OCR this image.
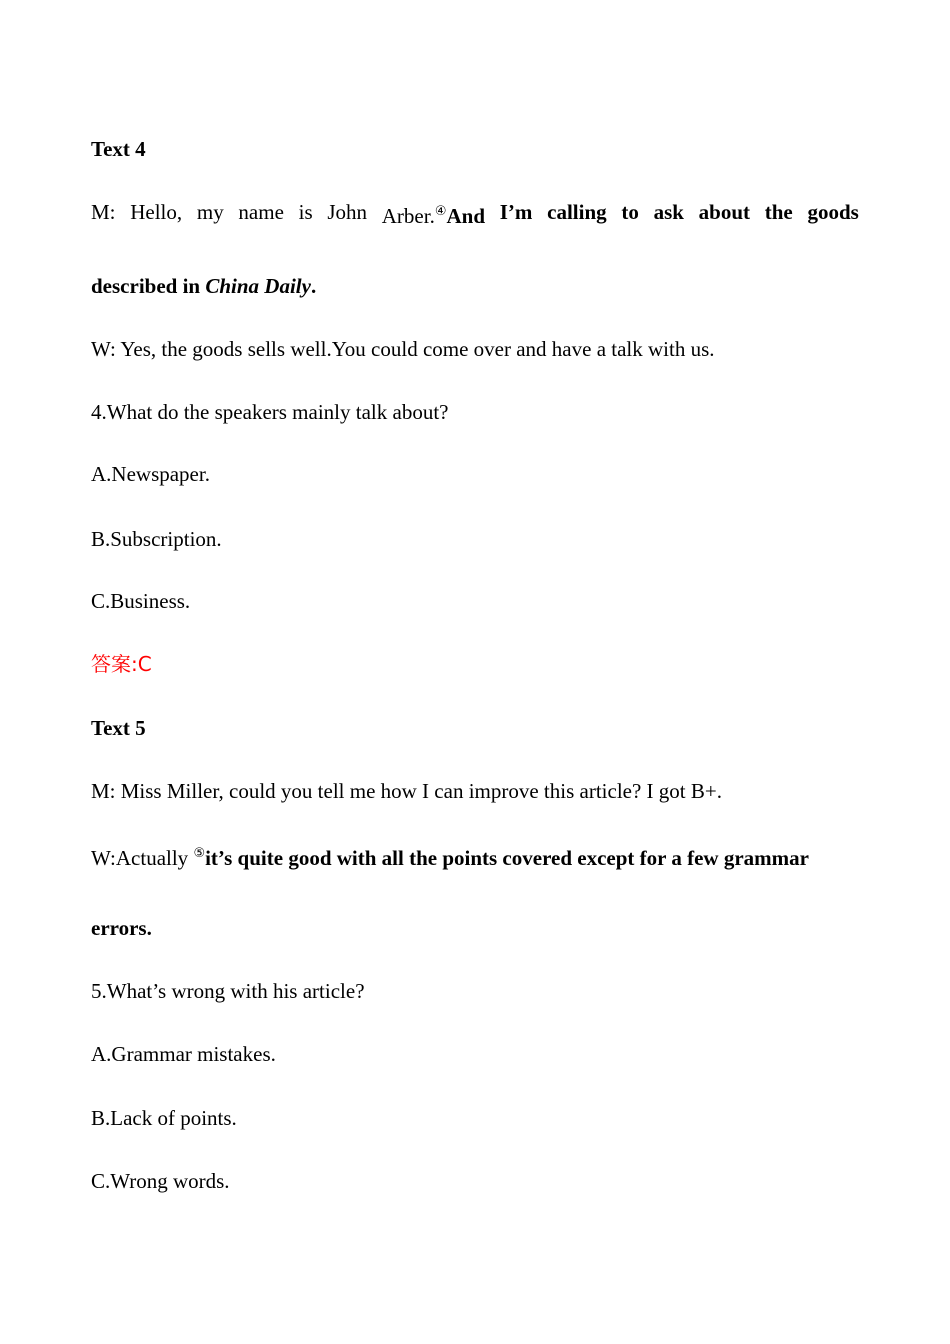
Text 4
M: Hello, my name is John Arber.④And I’m calling to ask about the goods
described in China Daily.
W: Yes, the goods sells well.You could come over and have a talk with us.
4.What do the speakers mainly talk about?
A.Newspaper.
B.Subscription.
C.Business.
答案:C
Text 5
M: Miss Miller, could you tell me how I can improve this article? I got B+.
W:Actually ⑤it’s quite good with all the points covered except for a few grammar
errors.
5.What’s wrong with his article?
A.Grammar mistakes.
B.Lack of points.
C.Wrong words.
